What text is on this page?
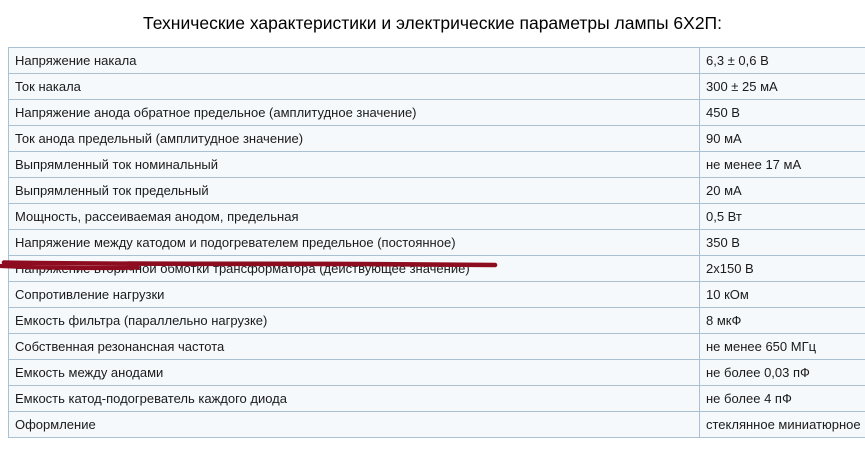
Технические характеристики и электрические параметры лампы 6Х2П:
Напряжение накала	6,3 ± 0,6 В
Ток накала	300 ± 25 мА
Напряжение анода обратное предельное (амплитудное значение)	450 В
Ток анода предельный (амплитудное значение)	90 мА
Выпрямленный ток номинальный	не менее 17 мА
Выпрямленный ток предельный	20 мА
Мощность, рассеиваемая анодом, предельная	0,5 Вт
Напряжение между катодом и подогревателем предельное (постоянное)	350 В
Напряжение вторичной обмотки трансформатора (действующее значение)	2х150 В
Сопротивление нагрузки	10 кОм
Емкость фильтра (параллельно нагрузке)	8 мкФ
Собственная резонансная частота	не менее 650 МГц
Емкость между анодами	не более 0,03 пФ
Емкость катод-подогреватель каждого диода	не более 4 пФ
Оформление	стеклянное миниатюрное
